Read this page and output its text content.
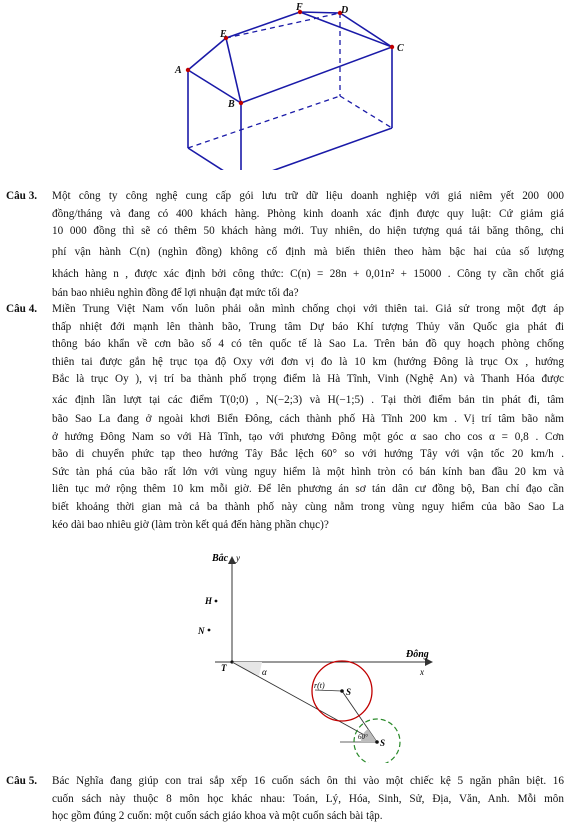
A
B
C
D
E
F
Câu 3. Một công ty công nghệ cung cấp gói lưu trữ dữ liệu doanh nghiệp với giá niêm yết 200 000
đồng/tháng và đang có 400 khách hàng. Phòng kinh doanh xác định được quy luật: Cứ giảm giá
10 000 đồng thì sẽ có thêm 50 khách hàng mới. Tuy nhiên, do hiện tượng quá tải băng thông, chi
phí vận hành C(n) (nghìn đồng) không cố định mà biến thiên theo hàm bậc hai của số lượng
khách hàng n , được xác định bởi công thức: C(n) = 28n + 0,01n² + 15000 . Công ty cần chốt giá
bán bao nhiêu nghìn đồng để lợi nhuận đạt mức tối đa?
Câu 4. Miền Trung Việt Nam vốn luôn phải oằn mình chống chọi với thiên tai. Giả sử trong một đợt áp
thấp nhiệt đới mạnh lên thành bão, Trung tâm Dự báo Khí tượng Thủy văn Quốc gia phát đi
thông báo khẩn về cơn bão số 4 có tên quốc tế là Sao La. Trên bản đồ quy hoạch phòng chống
thiên tai được gắn hệ trục tọa độ Oxy với đơn vị đo là 10 km (hướng Đông là trục Ox , hướng
Bắc là trục Oy ), vị trí ba thành phố trọng điểm là Hà Tĩnh, Vinh (Nghệ An) và Thanh Hóa được
xác định lần lượt tại các điểm T(0;0) , N(−2;3) và H(−1;5) . Tại thời điểm bản tin phát đi, tâm
bão Sao La đang ở ngoài khơi Biển Đông, cách thành phố Hà Tĩnh 200 km . Vị trí tâm bão nằm
ở hướng Đông Nam so với Hà Tĩnh, tạo với phương Đông một góc α sao cho cos α = 0,8 . Cơn
bão di chuyển phức tạp theo hướng Tây Bắc lệch 60° so với hướng Tây với vận tốc 20 km/h .
Sức tàn phá của bão rất lớn với vùng nguy hiểm là một hình tròn có bán kính ban đầu 20 km và
liên tục mở rộng thêm 10 km mỗi giờ. Để lên phương án sơ tán dân cư đồng bộ, Ban chỉ đạo cần
biết khoảng thời gian mà cả ba thành phố này cùng nằm trong vùng nguy hiểm của bão Sao La
kéo dài bao nhiêu giờ (làm tròn kết quả đến hàng phần chục)?
Bắc y
Đông
x
H
N
T	α
60°
r(t)
S
S
Câu 5. Bác Nghĩa đang giúp con trai sắp xếp 16 cuốn sách ôn thi vào một chiếc kệ 5 ngăn phân biệt. 16
cuốn sách này thuộc 8 môn học khác nhau: Toán, Lý, Hóa, Sinh, Sử, Địa, Văn, Anh. Mỗi môn
học gồm đúng 2 cuốn: một cuốn sách giáo khoa và một cuốn sách bài tập.
